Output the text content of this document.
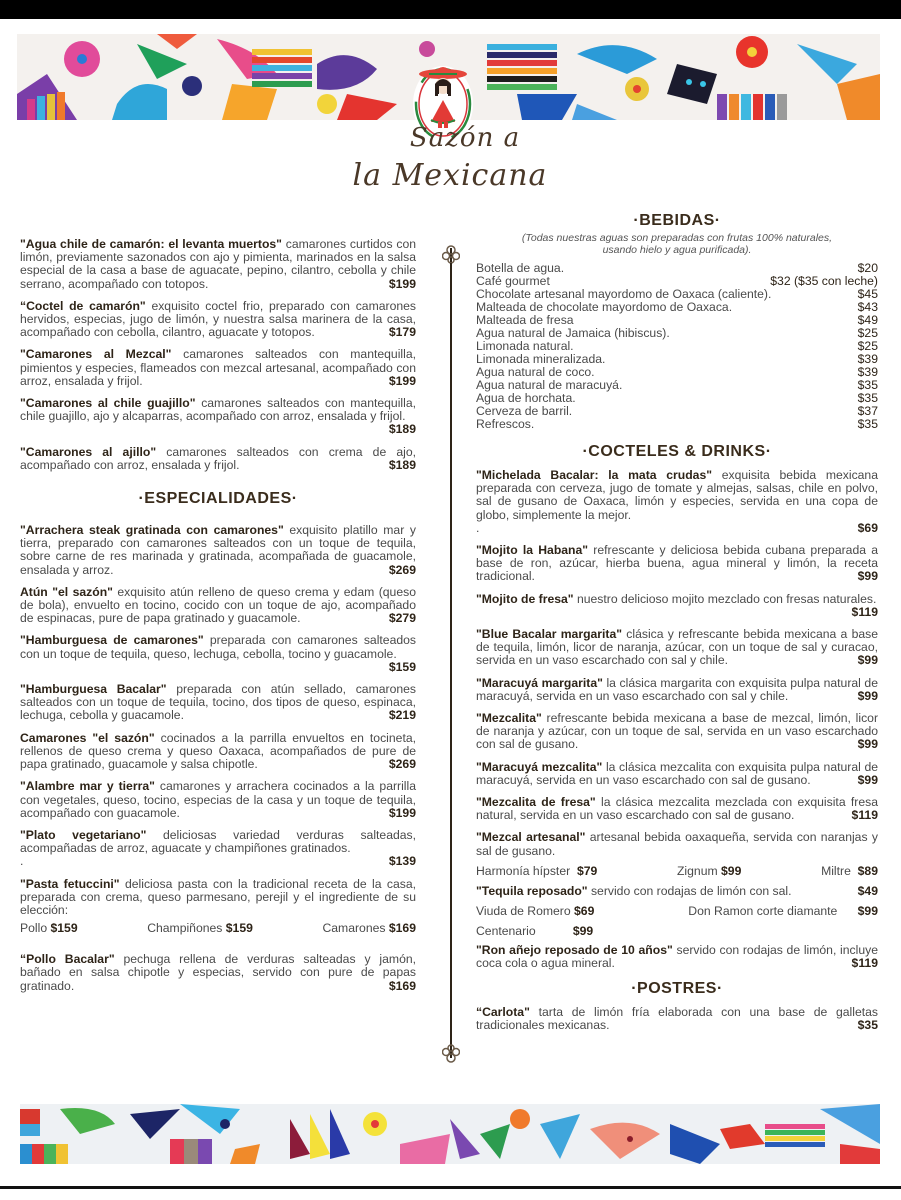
Sazón a
la Mexicana
"Agua chile de camarón: el levanta muertos" camarones curtidos con limón, previamente sazonados con ajo y pimienta, marinados en la salsa especial de la casa a base de aguacate, pepino, cilantro, cebolla y chile serrano, acompañado con totopos.	$199
“Coctel de camarón" exquisito coctel frio, preparado con camarones hervidos, especias, jugo de limón, y nuestra salsa marinera de la casa, acompañado con cebolla, cilantro, aguacate y totopos.	$179
"Camarones al Mezcal" camarones salteados con mantequilla, pimientos y especies, flameados con mezcal artesanal, acompañado con arroz, ensalada y frijol.	$199
"Camarones al chile guajillo" camarones salteados con mantequilla, chile guajillo, ajo y alcaparras, acompañado con arroz, ensalada y frijol.
$189
"Camarones al ajillo" camarones salteados con crema de ajo, acompañado con arroz, ensalada y frijol.	$189
·ESPECIALIDADES·
"Arrachera steak gratinada con camarones" exquisito platillo mar y tierra, preparado con camarones salteados con un toque de tequila, sobre carne de res marinada y gratinada, acompañada de guacamole, ensalada y arroz.	$269
Atún "el sazón" exquisito atún relleno de queso crema y edam (queso de bola), envuelto en tocino, cocido con un toque de ajo, acompañado de espinacas, pure de papa gratinado y guacamole.	$279
"Hamburguesa de camarones" preparada con camarones salteados con un toque de tequila, queso, lechuga, cebolla, tocino y guacamole.
$159
"Hamburguesa Bacalar" preparada con atún sellado, camarones salteados con un toque de tequila, tocino, dos tipos de queso, espinaca, lechuga, cebolla y guacamole.	$219
Camarones "el sazón" cocinados a la parrilla envueltos en tocineta, rellenos de queso crema y queso Oaxaca, acompañados de pure de papa gratinado, guacamole y salsa chipotle.	$269
"Alambre mar y tierra" camarones y arrachera cocinados a la parrilla con vegetales, queso, tocino, especias de la casa y un toque de tequila, acompañado con guacamole.	$199
"Plato vegetariano" deliciosas variedad verduras salteadas, acompañadas de arroz, aguacate y champiñones gratinados.
.	$139
"Pasta fetuccini" deliciosa pasta con la tradicional receta de la casa, preparada con crema, queso parmesano, perejil y el ingrediente de su elección:
Pollo $159	Champiñones $159	Camarones $169
“Pollo Bacalar" pechuga rellena de verduras salteadas y jamón, bañado en salsa chipotle y especias, servido con pure de papas gratinado.	$169
·BEBIDAS·
(Todas nuestras aguas son preparadas con frutas 100% naturales,
usando hielo y agua purificada).
Botella de agua.	$20
Café gourmet	$32 ($35 con leche)
Chocolate artesanal mayordomo de Oaxaca (caliente).	$45
Malteada de chocolate mayordomo de Oaxaca.	$43
Malteada de fresa	$49
Agua natural de Jamaica (hibiscus).	$25
Limonada natural.	$25
Limonada mineralizada.	$39
Agua natural de coco.	$39
Agua natural de maracuyá.	$35
Agua de horchata.	$35
Cerveza de barril.	$37
Refrescos.	$35
·COCTELES & DRINKS·
"Michelada Bacalar: la mata crudas" exquisita bebida mexicana preparada con cerveza, jugo de tomate y almejas, salsas, chile en polvo, sal de gusano de Oaxaca, limón y especies, servida en una copa de globo, simplemente la mejor.
.	$69
"Mojito la Habana" refrescante y deliciosa bebida cubana preparada a base de ron, azúcar, hierba buena, agua mineral y limón, la receta tradicional.	$99
"Mojito de fresa" nuestro delicioso mojito mezclado con fresas naturales.
$119
"Blue Bacalar margarita" clásica y refrescante bebida mexicana a base de tequila, limón, licor de naranja, azúcar, con un toque de sal y curacao, servida en un vaso escarchado con sal y chile.	$99
"Maracuyá margarita" la clásica margarita con exquisita pulpa natural de maracuyá, servida en un vaso escarchado con sal y chile.	$99
"Mezcalita" refrescante bebida mexicana a base de mezcal, limón, licor de naranja y azúcar, con un toque de sal, servida en un vaso escarchado con sal de gusano.	$99
"Maracuyá mezcalita" la clásica mezcalita con exquisita pulpa natural de maracuyá, servida en un vaso escarchado con sal de gusano.	$99
"Mezcalita de fresa" la clásica mezcalita mezclada con exquisita fresa natural, servida en un vaso escarchado con sal de gusano.	$119
"Mezcal artesanal" artesanal bebida oaxaqueña, servida con naranjas y sal de gusano.
Harmonía hípster $79	Zignum $99	Miltre $89
"Tequila reposado" servido con rodajas de limón con sal.	$49
Viuda de Romero $69	Don Ramon corte diamante $99
Centenario	$99
"Ron añejo reposado de 10 años" servido con rodajas de limón, incluye coca cola o agua mineral.	$119
·POSTRES·
“Carlota" tarta de limón fría elaborada con una base de galletas tradicionales mexicanas.	$35
